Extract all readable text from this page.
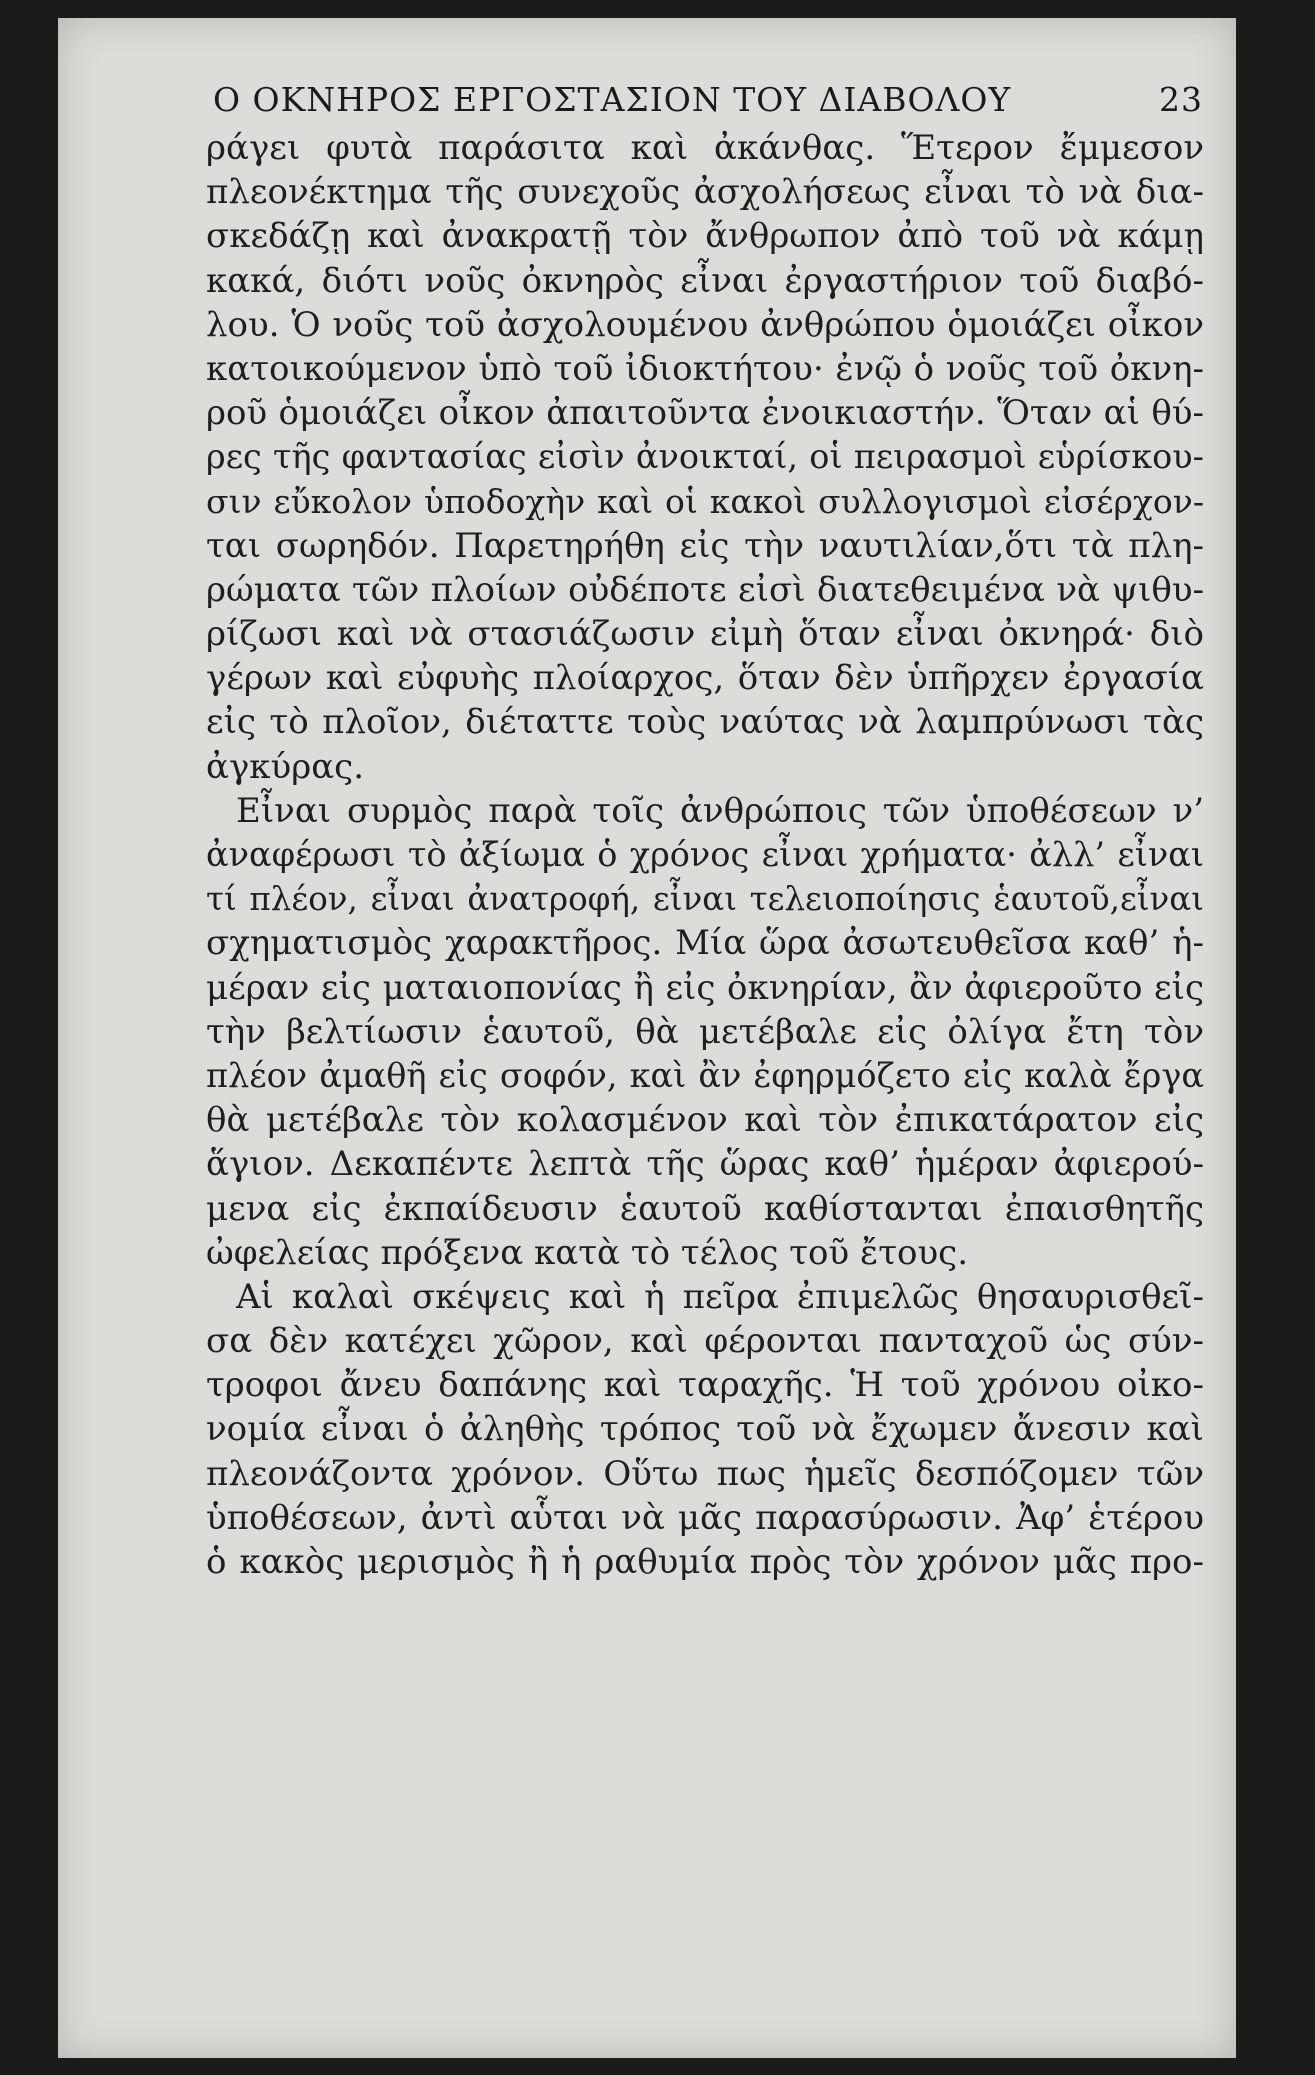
Ο ΟΚΝΗΡΟΣ ΕΡΓΟΣΤΑΣΙΟΝ ΤΟΥ ΔΙΑΒΟΛΟΥ	23
ράγει φυτὰ παράσιτα καὶ ἀκάνθας. Ἕτερον ἔμμεσον
πλεονέκτημα τῆς συνεχοῦς ἀσχολήσεως εἶναι τὸ νὰ δια-
σκεδάζῃ καὶ ἀνακρατῇ τὸν ἄνθρωπον ἀπὸ τοῦ νὰ κάμῃ
κακά, διότι νοῦς ὀκνηρὸς εἶναι ἐργαστήριον τοῦ διαβό-
λου. Ὁ νοῦς τοῦ ἀσχολουμένου ἀνθρώπου ὁμοιάζει οἶκον
κατοικούμενον ὑπὸ τοῦ ἰδιοκτήτου· ἐνῷ ὁ νοῦς τοῦ ὀκνη-
ροῦ ὁμοιάζει οἶκον ἀπαιτοῦντα ἐνοικιαστήν. Ὅταν αἱ θύ-
ρες τῆς φαντασίας εἰσὶν ἀνοικταί, οἱ πειρασμοὶ εὑρίσκου-
σιν εὔκολον ὑποδοχὴν καὶ οἱ κακοὶ συλλογισμοὶ εἰσέρχον-
ται σωρηδόν. Παρετηρήθη εἰς τὴν ναυτιλίαν,ὅτι τὰ πλη-
ρώματα τῶν πλοίων οὐδέποτε εἰσὶ διατεθειμένα νὰ ψιθυ-
ρίζωσι καὶ νὰ στασιάζωσιν εἰμὴ ὅταν εἶναι ὀκνηρά· διὸ
γέρων καὶ εὐφυὴς πλοίαρχος, ὅταν δὲν ὑπῆρχεν ἐργασία
εἰς τὸ πλοῖον, διέταττε τοὺς ναύτας νὰ λαμπρύνωσι τὰς
ἀγκύρας.
Εἶναι συρμὸς παρὰ τοῖς ἀνθρώποις τῶν ὑποθέσεων ν’
ἀναφέρωσι τὸ ἀξίωμα ὁ χρόνος εἶναι χρήματα· ἀλλ’ εἶναι
τί πλέον, εἶναι ἀνατροφή, εἶναι τελειοποίησις ἑαυτοῦ,εἶναι
σχηματισμὸς χαρακτῆρος. Μία ὥρα ἀσωτευθεῖσα καθ’ ἡ-
μέραν εἰς ματαιοπονίας ἢ εἰς ὀκνηρίαν, ἂν ἀφιεροῦτο εἰς
τὴν βελτίωσιν ἑαυτοῦ, θὰ μετέβαλε εἰς ὀλίγα ἔτη τὸν
πλέον ἀμαθῆ εἰς σοφόν, καὶ ἂν ἐφηρμόζετο εἰς καλὰ ἔργα
θὰ μετέβαλε τὸν κολασμένον καὶ τὸν ἐπικατάρατον εἰς
ἅγιον. Δεκαπέντε λεπτὰ τῆς ὥρας καθ’ ἡμέραν ἀφιερού-
μενα εἰς ἐκπαίδευσιν ἑαυτοῦ καθίστανται ἐπαισθητῆς
ὠφελείας πρόξενα κατὰ τὸ τέλος τοῦ ἔτους.
Αἱ καλαὶ σκέψεις καὶ ἡ πεῖρα ἐπιμελῶς θησαυρισθεῖ-
σα δὲν κατέχει χῶρον, καὶ φέρονται πανταχοῦ ὡς σύν-
τροφοι ἄνευ δαπάνης καὶ ταραχῆς. Ἡ τοῦ χρόνου οἰκο-
νομία εἶναι ὁ ἀληθὴς τρόπος τοῦ νὰ ἔχωμεν ἄνεσιν καὶ
πλεονάζοντα χρόνον. Οὕτω πως ἡμεῖς δεσπόζομεν τῶν
ὑποθέσεων, ἀντὶ αὗται νὰ μᾶς παρασύρωσιν. Ἀφ’ ἑτέρου
ὁ κακὸς μερισμὸς ἢ ἡ ραθυμία πρὸς τὸν χρόνον μᾶς προ-
